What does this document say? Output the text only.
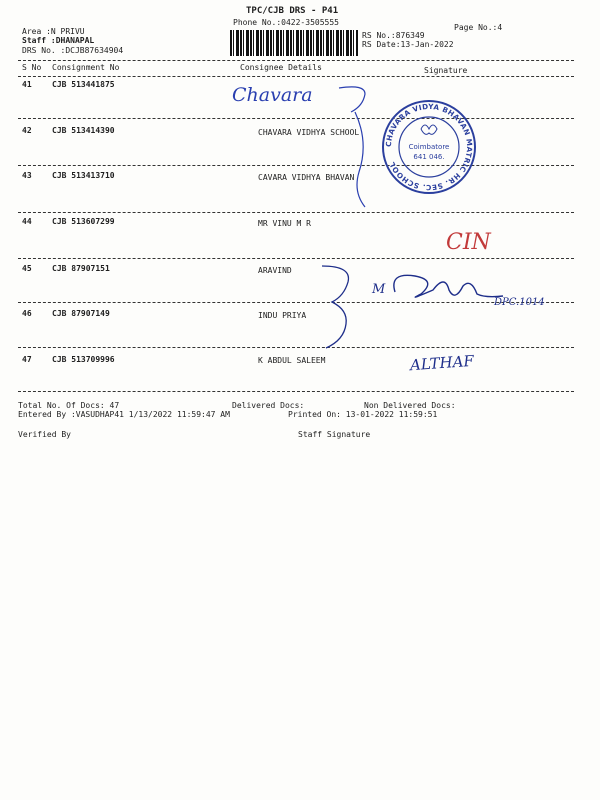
TPC/CJB DRS - P41
Phone No.:0422-3505555
Area :N PRIVU
Staff :DHANAPAL
DRS No. :DCJB87634904
Page No.:4
RS No.:876349
RS Date:13-Jan-2022
S No Consignment No	Consignee Details	Signature
41	CJB 513441875
42	CJB 513414390	CHAVARA VIDHYA SCHOOL
43	CJB 513413710	CAVARA VIDHYA BHAVAN
44	CJB 513607299	MR VINU M R
45	CJB 87907151	ARAVIND
46	CJB 87907149	INDU PRIYA
47	CJB 513709996	K ABDUL SALEEM
Chavara
CIN
M
DPC.1014
ALTHAF
CHAVARA VIDYA BHAVAN MATRIC HR. SEC. SCHOOL
Coimbatore
641 046.
Total No. Of Docs: 47	Delivered Docs:	Non Delivered Docs:
Entered By :VASUDHAP41 1/13/2022 11:59:47 AM	Printed On: 13-01-2022 11:59:51
Verified By	Staff Signature
